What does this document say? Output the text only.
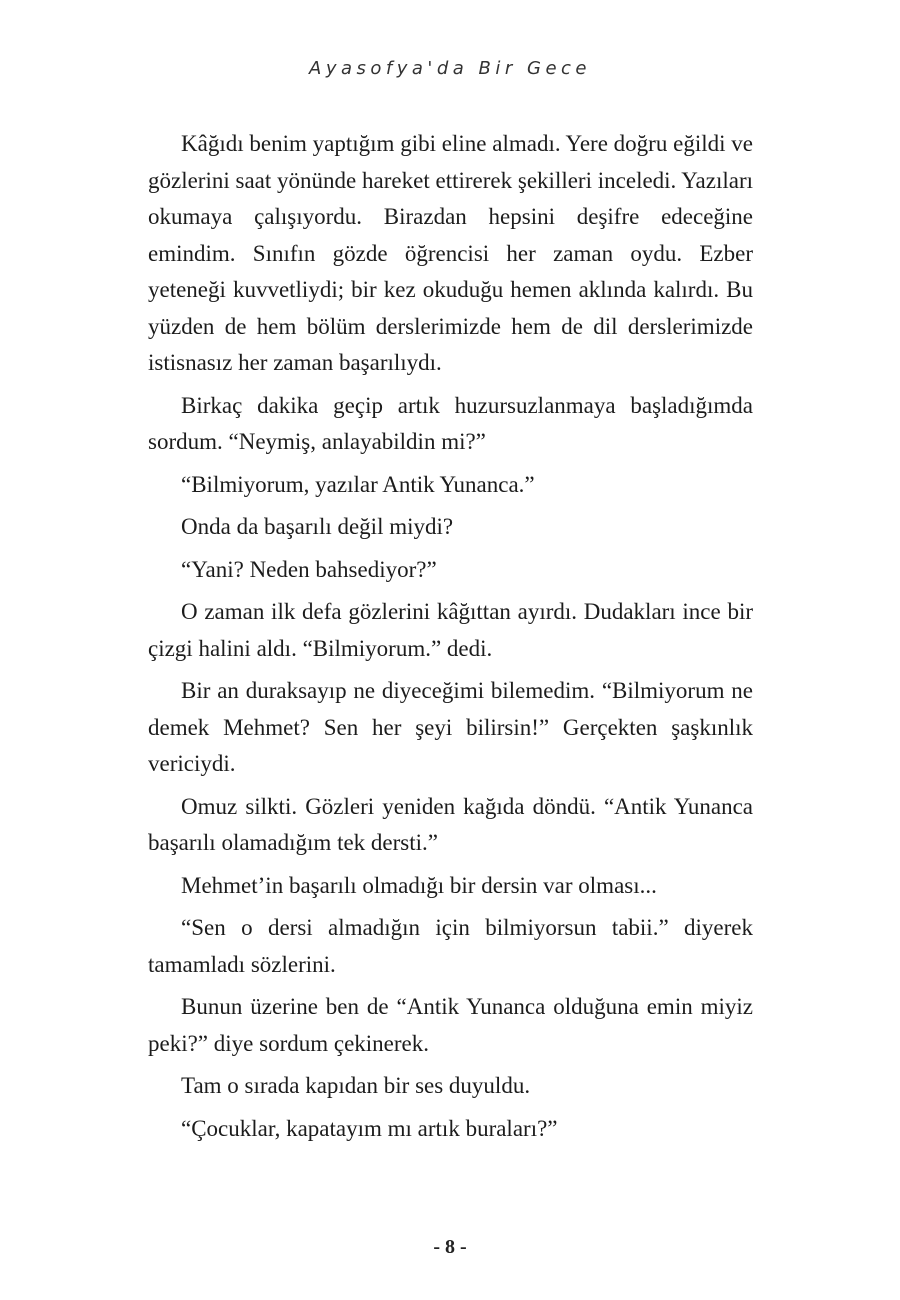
Ayasofya'da Bir Gece

Kâğıdı benim yaptığım gibi eline almadı. Yere doğru eğildi ve gözlerini saat yönünde hareket ettirerek şekilleri inceledi. Yazıları okumaya çalışıyordu. Birazdan hepsini deşifre edeceğine emindim. Sınıfın gözde öğrencisi her zaman oydu. Ezber yeteneği kuvvetliydi; bir kez okuduğu hemen aklında kalırdı. Bu yüzden de hem bölüm derslerimizde hem de dil derslerimizde istisnasız her zaman başarılıydı.

Birkaç dakika geçip artık huzursuzlanmaya başladığımda sordum. “Neymiş, anlayabildin mi?”

“Bilmiyorum, yazılar Antik Yunanca.”

Onda da başarılı değil miydi?

“Yani? Neden bahsediyor?”

O zaman ilk defa gözlerini kâğıttan ayırdı. Dudakları ince bir çizgi halini aldı. “Bilmiyorum.” dedi.

Bir an duraksayıp ne diyeceğimi bilemedim. “Bilmiyorum ne demek Mehmet? Sen her şeyi bilirsin!” Gerçekten şaşkınlık vericiydi.

Omuz silkti. Gözleri yeniden kağıda döndü. “Antik Yunanca başarılı olamadığım tek dersti.”

Mehmet’in başarılı olmadığı bir dersin var olması...

“Sen o dersi almadığın için bilmiyorsun tabii.” diyerek tamamladı sözlerini.

Bunun üzerine ben de “Antik Yunanca olduğuna emin miyiz peki?” diye sordum çekinerek.

Tam o sırada kapıdan bir ses duyuldu.

“Çocuklar, kapatayım mı artık buraları?”

- 8 -
